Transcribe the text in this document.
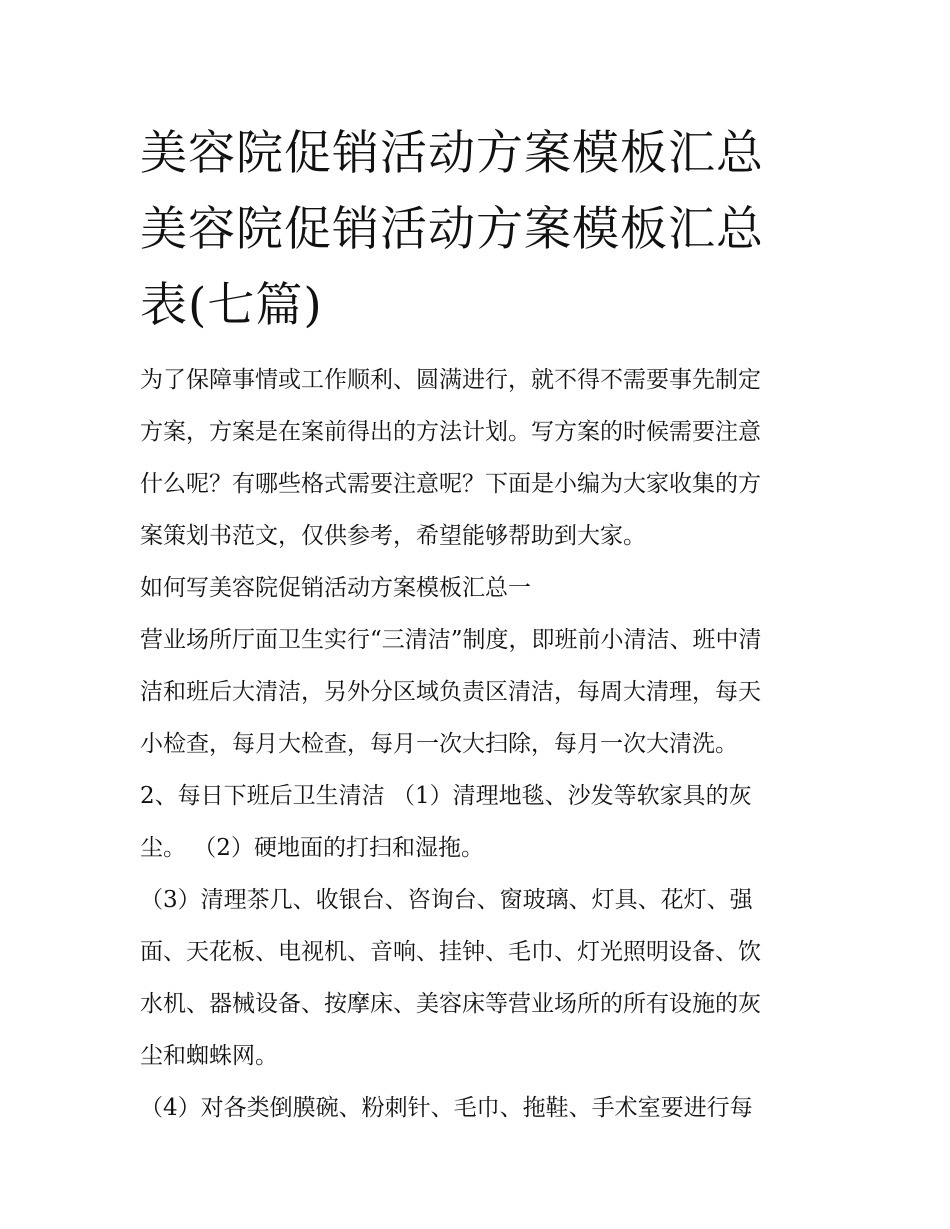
美容院促销活动方案模板汇总
美容院促销活动方案模板汇总
表(七篇)

为了保障事情或工作顺利、圆满进行，就不得不需要事先制定
方案，方案是在案前得出的方法计划。写方案的时候需要注意
什么呢？有哪些格式需要注意呢？下面是小编为大家收集的方
案策划书范文，仅供参考，希望能够帮助到大家。

如何写美容院促销活动方案模板汇总一

营业场所厅面卫生实行“三清洁”制度，即班前小清洁、班中清
洁和班后大清洁，另外分区域负责区清洁，每周大清理，每天
小检查，每月大检查，每月一次大扫除，每月一次大清洗。

2、每日下班后卫生清洁 （1）清理地毯、沙发等软家具的灰
尘。 （2）硬地面的打扫和湿拖。

（3）清理茶几、收银台、咨询台、窗玻璃、灯具、花灯、强
面、天花板、电视机、音响、挂钟、毛巾、灯光照明设备、饮
水机、器械设备、按摩床、美容床等营业场所的所有设施的灰
尘和蜘蛛网。

（4）对各类倒膜碗、粉刺针、毛巾、拖鞋、手术室要进行每
